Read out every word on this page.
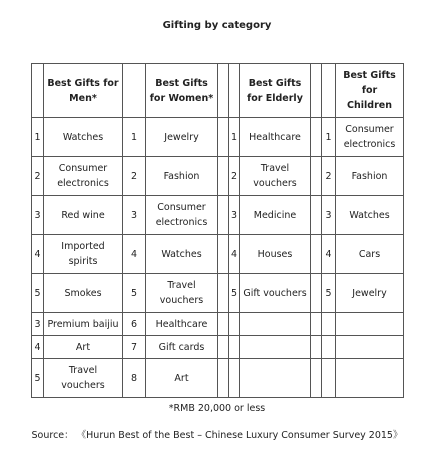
Gifting by category
	Best Gifts for Men*		Best Gifts for Women*			Best Gifts for Elderly			Best Gifts for Children
1	Watches	1	Jewelry		1	Healthcare		1	Consumer electronics
2	Consumer electronics	2	Fashion		2	Travel vouchers		2	Fashion
3	Red wine	3	Consumer electronics		3	Medicine		3	Watches
4	Imported spirits	4	Watches		4	Houses		4	Cars
5	Smokes	5	Travel vouchers		5	Gift vouchers		5	Jewelry
3	Premium baijiu	6	Healthcare						
4	Art	7	Gift cards						
5	Travel vouchers	8	Art						
*RMB 20,000 or less
Source： 《Hurun Best of the Best – Chinese Luxury Consumer Survey 2015》
